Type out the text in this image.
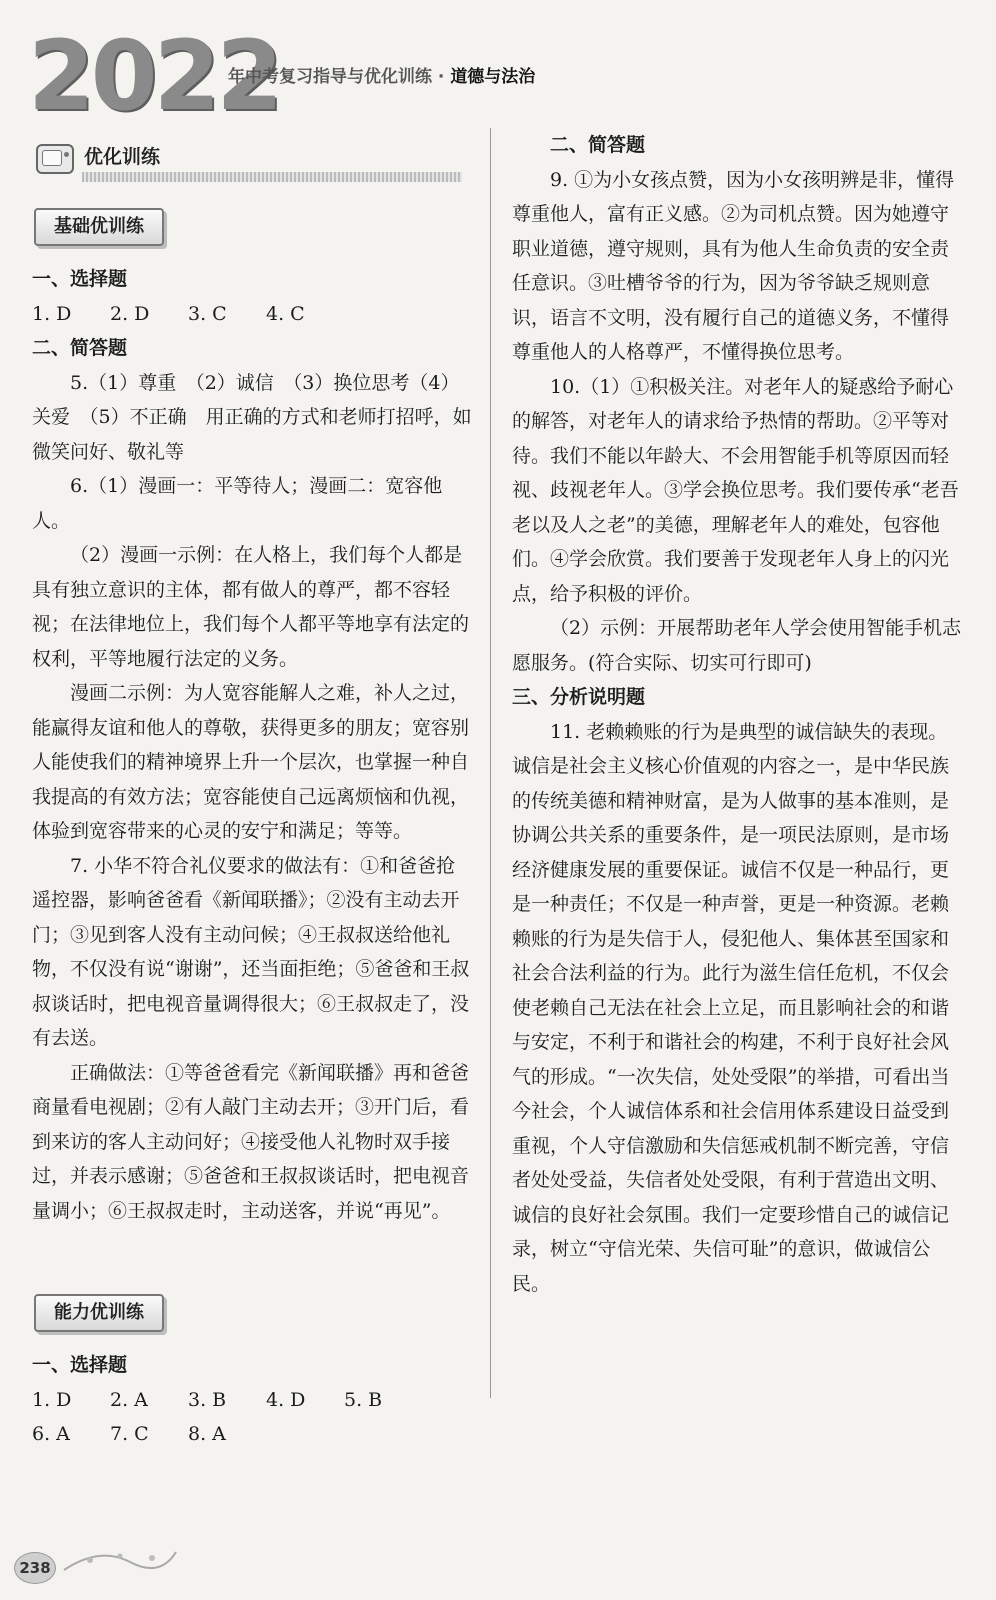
2022
年中考复习指导与优化训练 · 道德与法治
优化训练
基础优训练

一、选择题

1. D	2. D	3. C	4. C

二、简答题

5.（1）尊重　（2）诚信　（3）换位思考（4）关爱　（5）不正确　用正确的方式和老师打招呼，如微笑问好、敬礼等

6.（1）漫画一：平等待人；漫画二：宽容他人。

（2）漫画一示例：在人格上，我们每个人都是具有独立意识的主体，都有做人的尊严，都不容轻视；在法律地位上，我们每个人都平等地享有法定的权利，平等地履行法定的义务。

漫画二示例：为人宽容能解人之难，补人之过，能赢得友谊和他人的尊敬，获得更多的朋友；宽容别人能使我们的精神境界上升一个层次，也掌握一种自我提高的有效方法；宽容能使自己远离烦恼和仇视，体验到宽容带来的心灵的安宁和满足；等等。

7. 小华不符合礼仪要求的做法有：①和爸爸抢遥控器，影响爸爸看《新闻联播》；②没有主动去开门；③见到客人没有主动问候；④王叔叔送给他礼物，不仅没有说“谢谢”，还当面拒绝；⑤爸爸和王叔叔谈话时，把电视音量调得很大；⑥王叔叔走了，没有去送。

正确做法：①等爸爸看完《新闻联播》再和爸爸商量看电视剧；②有人敲门主动去开；③开门后，看到来访的客人主动问好；④接受他人礼物时双手接过，并表示感谢；⑤爸爸和王叔叔谈话时，把电视音量调小；⑥王叔叔走时，主动送客，并说“再见”。

能力优训练

一、选择题

1. D	2. A	3. B	4. D	5. B
6. A	7. C	8. A

二、简答题

9. ①为小女孩点赞，因为小女孩明辨是非，懂得尊重他人，富有正义感。②为司机点赞。因为她遵守职业道德，遵守规则，具有为他人生命负责的安全责任意识。③吐槽爷爷的行为，因为爷爷缺乏规则意识，语言不文明，没有履行自己的道德义务，不懂得尊重他人的人格尊严，不懂得换位思考。

10.（1）①积极关注。对老年人的疑惑给予耐心的解答，对老年人的请求给予热情的帮助。②平等对待。我们不能以年龄大、不会用智能手机等原因而轻视、歧视老年人。③学会换位思考。我们要传承“老吾老以及人之老”的美德，理解老年人的难处，包容他们。④学会欣赏。我们要善于发现老年人身上的闪光点，给予积极的评价。

（2）示例：开展帮助老年人学会使用智能手机志愿服务。(符合实际、切实可行即可)

三、分析说明题

11. 老赖赖账的行为是典型的诚信缺失的表现。诚信是社会主义核心价值观的内容之一，是中华民族的传统美德和精神财富，是为人做事的基本准则，是协调公共关系的重要条件，是一项民法原则，是市场经济健康发展的重要保证。诚信不仅是一种品行，更是一种责任；不仅是一种声誉，更是一种资源。老赖赖账的行为是失信于人，侵犯他人、集体甚至国家和社会合法利益的行为。此行为滋生信任危机，不仅会使老赖自己无法在社会上立足，而且影响社会的和谐与安定，不利于和谐社会的构建，不利于良好社会风气的形成。“一次失信，处处受限”的举措，可看出当今社会，个人诚信体系和社会信用体系建设日益受到重视，个人守信激励和失信惩戒机制不断完善，守信者处处受益，失信者处处受限，有利于营造出文明、诚信的良好社会氛围。我们一定要珍惜自己的诚信记录，树立“守信光荣、失信可耻”的意识，做诚信公民。

238
